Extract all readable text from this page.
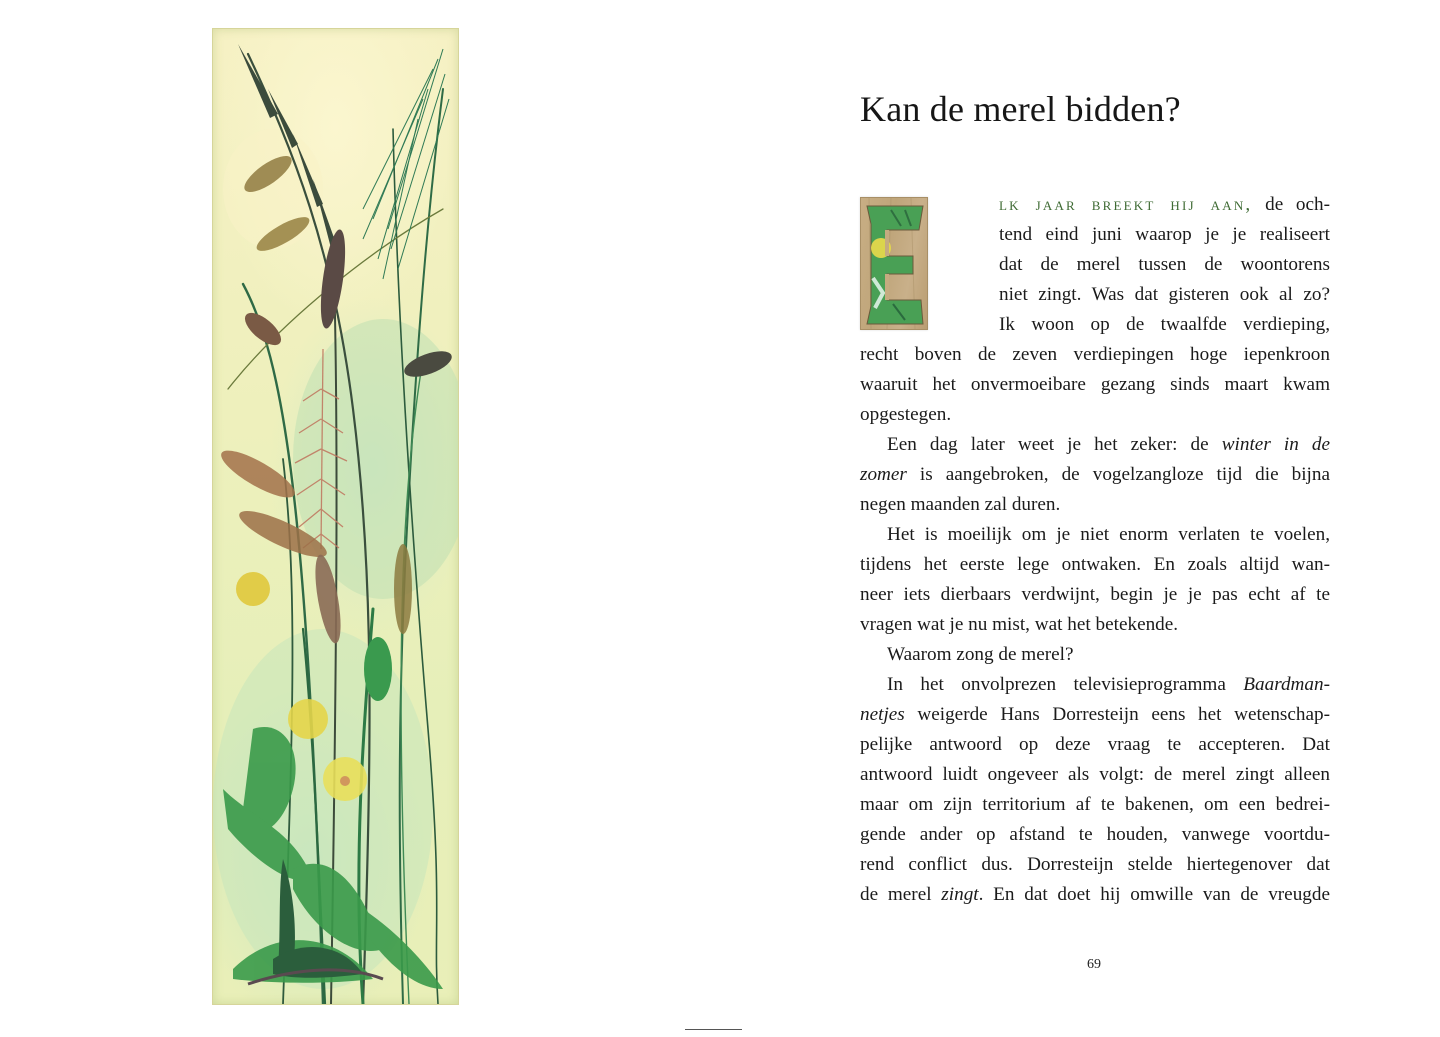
Kan de merel bidden?
lk jaar breekt hij aan, de och-
tend eind juni waarop je je realiseert
dat de merel tussen de woontorens
niet zingt. Was dat gisteren ook al zo?
Ik woon op de twaalfde verdieping,
recht boven de zeven verdiepingen hoge iepenkroon
waaruit het onvermoeibare gezang sinds maart kwam
opgestegen.
Een dag later weet je het zeker: de winter in de
zomer is aangebroken, de vogelzangloze tijd die bijna
negen maanden zal duren.
Het is moeilijk om je niet enorm verlaten te voelen,
tijdens het eerste lege ontwaken. En zoals altijd wan-
neer iets dierbaars verdwijnt, begin je je pas echt af te
vragen wat je nu mist, wat het betekende.
Waarom zong de merel?
In het onvolprezen televisieprogramma Baardman-
netjes weigerde Hans Dorresteijn eens het wetenschap-
pelijke antwoord op deze vraag te accepteren. Dat
antwoord luidt ongeveer als volgt: de merel zingt alleen
maar om zijn territorium af te bakenen, om een bedrei-
gende ander op afstand te houden, vanwege voortdu-
rend conflict dus. Dorresteijn stelde hiertegenover dat
de merel zingt. En dat doet hij omwille van de vreugde
69
